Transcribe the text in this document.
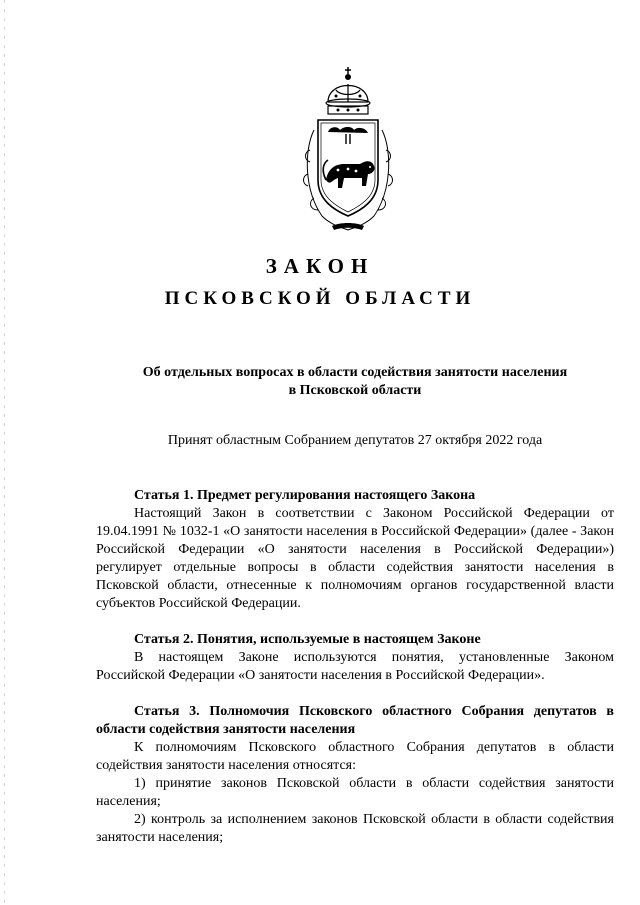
ЗАКОН
ПСКОВСКОЙ ОБЛАСТИ
Об отдельных вопросах в области содействия занятости населения
в Псковской области
Принят областным Собранием депутатов 27 октября 2022 года

Статья 1. Предмет регулирования настоящего Закона

Настоящий Закон в соответствии с Законом Российской Федерации от 19.04.1991 № 1032-1 «О занятости населения в Российской Федерации» (далее - Закон Российской Федерации «О занятости населения в Российской Федерации») регулирует отдельные вопросы в области содействия занятости населения в Псковской области, отнесенные к полномочиям органов государственной власти субъектов Российской Федерации.

Статья 2. Понятия, используемые в настоящем Законе

В настоящем Законе используются понятия, установленные Законом Российской Федерации «О занятости населения в Российской Федерации».

Статья 3. Полномочия Псковского областного Собрания депутатов в области содействия занятости населения

К полномочиям Псковского областного Собрания депутатов в области содействия занятости населения относятся:

1) принятие законов Псковской области в области содействия занятости населения;

2) контроль за исполнением законов Псковской области в области содействия занятости населения;
